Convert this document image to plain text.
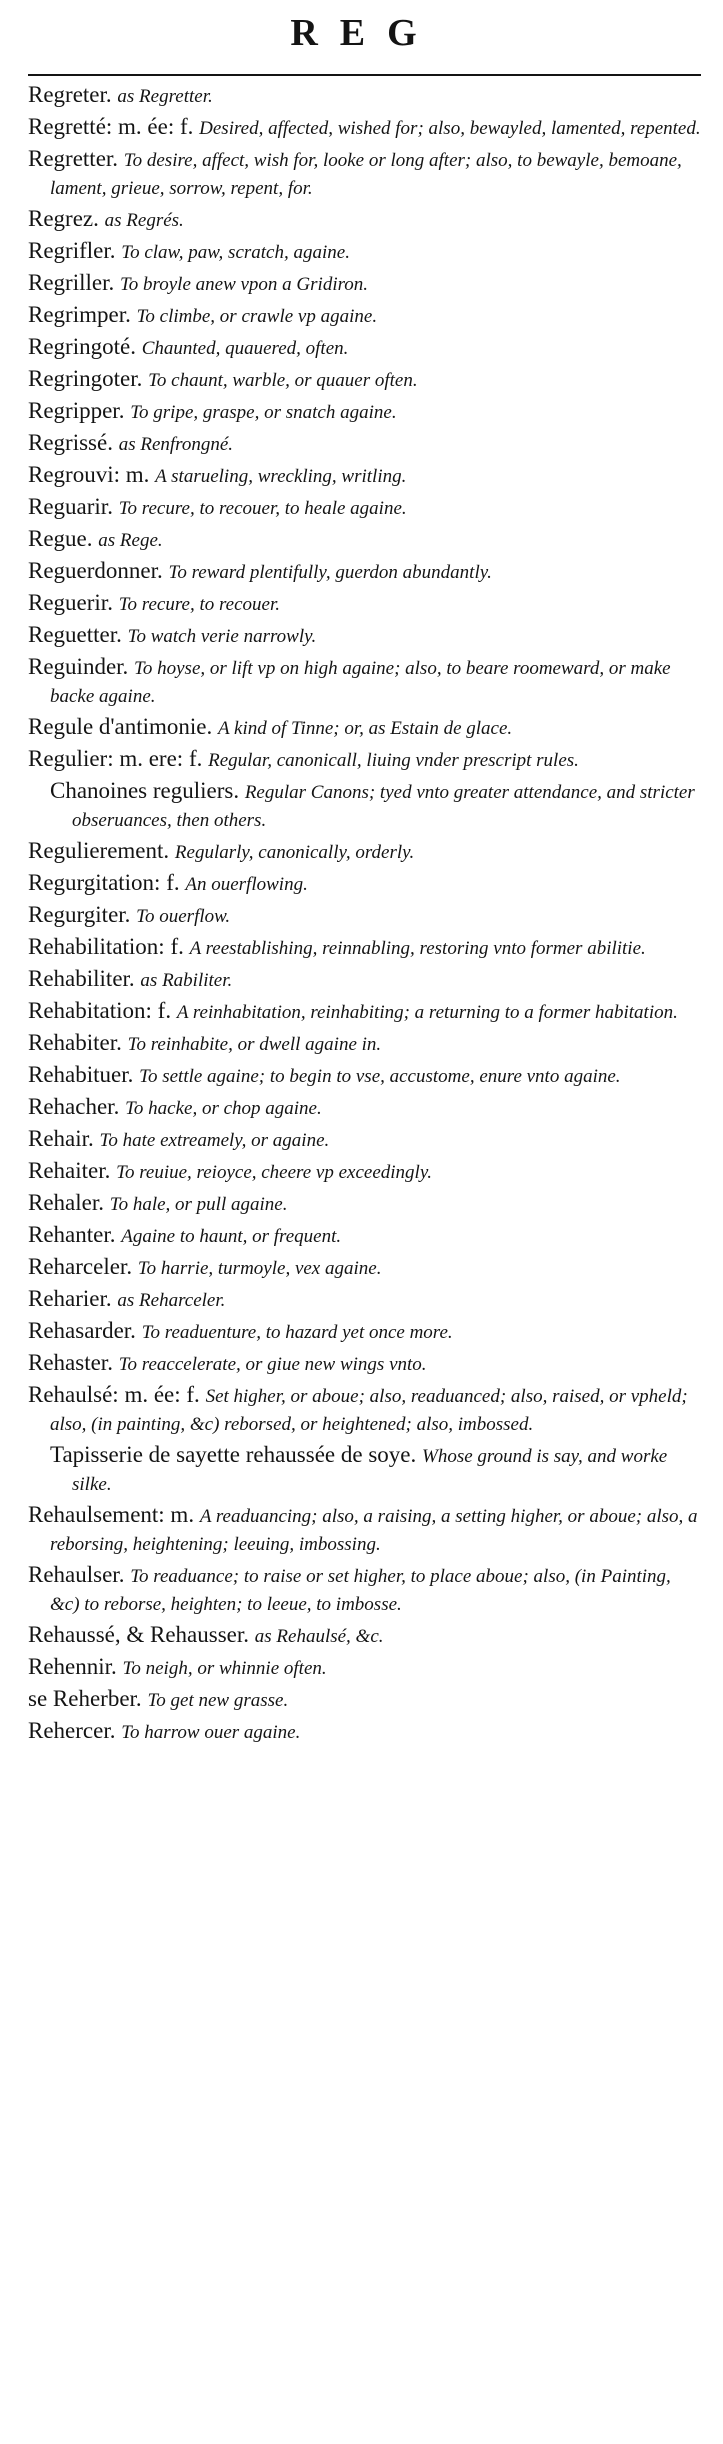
REG

Regreter. as Regretter.

Regretté: m. ée: f. Desired, affected, wished for; also, bewayled, lamented, repented.

Regretter. To desire, affect, wish for, looke or long after; also, to bewayle, bemoane, lament, grieue, sorrow, repent, for.

Regrez. as Regrés.

Regrifler. To claw, paw, scratch, againe.

Regriller. To broyle anew vpon a Gridiron.

Regrimper. To climbe, or crawle vp againe.

Regringoté. Chaunted, quauered, often.

Regringoter. To chaunt, warble, or quauer often.

Regripper. To gripe, graspe, or snatch againe.

Regrissé. as Renfrongné.

Regrouvi: m. A starueling, wreckling, writling.

Reguarir. To recure, to recouer, to heale againe.

Regue. as Rege.

Reguerdonner. To reward plentifully, guerdon abundantly.

Reguerir. To recure, to recouer.

Reguetter. To watch verie narrowly.

Reguinder. To hoyse, or lift vp on high againe; also, to beare roomeward, or make backe againe.

Regule d'antimonie. A kind of Tinne; or, as Estain de glace.

Regulier: m. ere: f. Regular, canonicall, liuing vnder prescript rules.

Chanoines reguliers. Regular Canons; tyed vnto greater attendance, and stricter obseruances, then others.

Regulierement. Regularly, canonically, orderly.

Regurgitation: f. An ouerflowing.

Regurgiter. To ouerflow.

Rehabilitation: f. A reestablishing, reinnabling, restoring vnto former abilitie.

Rehabiliter. as Rabiliter.

Rehabitation: f. A reinhabitation, reinhabiting; a returning to a former habitation.

Rehabiter. To reinhabite, or dwell againe in.

Rehabituer. To settle againe; to begin to vse, accustome, enure vnto againe.

Rehacher. To hacke, or chop againe.

Rehair. To hate extreamely, or againe.

Rehaiter. To reuiue, reioyce, cheere vp exceedingly.

Rehaler. To hale, or pull againe.

Rehanter. Againe to haunt, or frequent.

Reharceler. To harrie, turmoyle, vex againe.

Reharier. as Reharceler.

Rehasarder. To readuenture, to hazard yet once more.

Rehaster. To reaccelerate, or giue new wings vnto.

Rehaulsé: m. ée: f. Set higher, or aboue; also, readuanced; also, raised, or vpheld; also, (in painting, &c) reborsed, or heightened; also, imbossed.

Tapisserie de sayette rehaussée de soye. Whose ground is say, and worke silke.

Rehaulsement: m. A readuancing; also, a raising, a setting higher, or aboue; also, a reborsing, heightening; leeuing, imbossing.

Rehaulser. To readuance; to raise or set higher, to place aboue; also, (in Painting, &c) to reborse, heighten; to leeue, to imbosse.

Rehaussé, & Rehausser. as Rehaulsé, &c.

Rehennir. To neigh, or whinnie often.

se Reherber. To get new grasse.

Rehercer. To harrow ouer againe.
